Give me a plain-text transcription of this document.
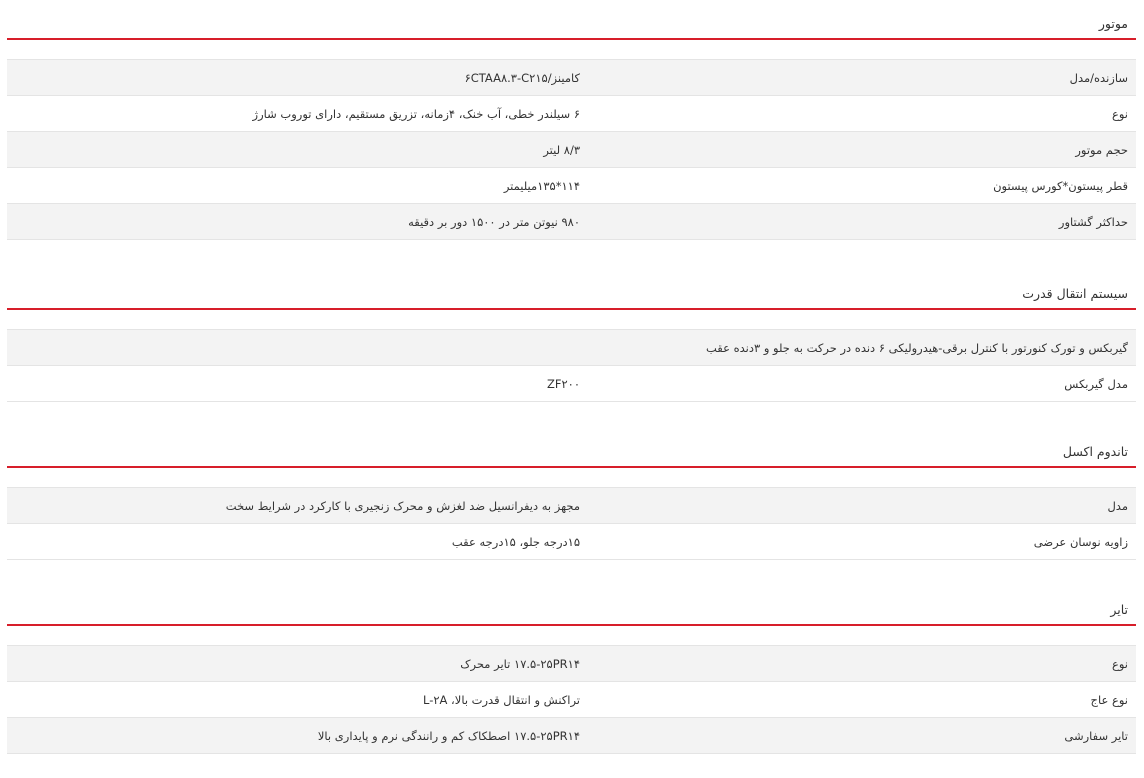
موتور
سازنده/مدل
کامینز/۶CTAA۸.۳-C۲۱۵
نوع
۶ سیلندر خطی، آب خنک، ۴زمانه، تزریق مستقیم، دارای توروب شارژ
حجم موتور
۸/۳ لیتر
قطر پیستون*کورس پیستون
۱۱۴*۱۳۵میلیمتر
حداکثر گشتاور
۹۸۰ نیوتن متر در ۱۵۰۰ دور بر دقیقه
سیستم انتقال قدرت
گیربکس و تورک کنورتور با کنترل برقی-هیدرولیکی ۶ دنده در حرکت به جلو و ۳دنده عقب
مدل گیربکس
ZF۲۰۰
تاندوم اکسل
مدل
مجهز به دیفرانسیل ضد لغزش و محرک زنجیری با کارکرد در شرایط سخت
زاویه نوسان عرضی
۱۵درجه جلو، ۱۵درجه عقب
تایر
نوع
۱۷.۵-۲۵PR۱۴ تایر محرک
نوع عاج
تراکنش و انتقال قدرت بالا، L-۲A
تایر سفارشی
۱۷.۵-۲۵PR۱۴ اصطکاک کم و رانندگی نرم و پایداری بالا
